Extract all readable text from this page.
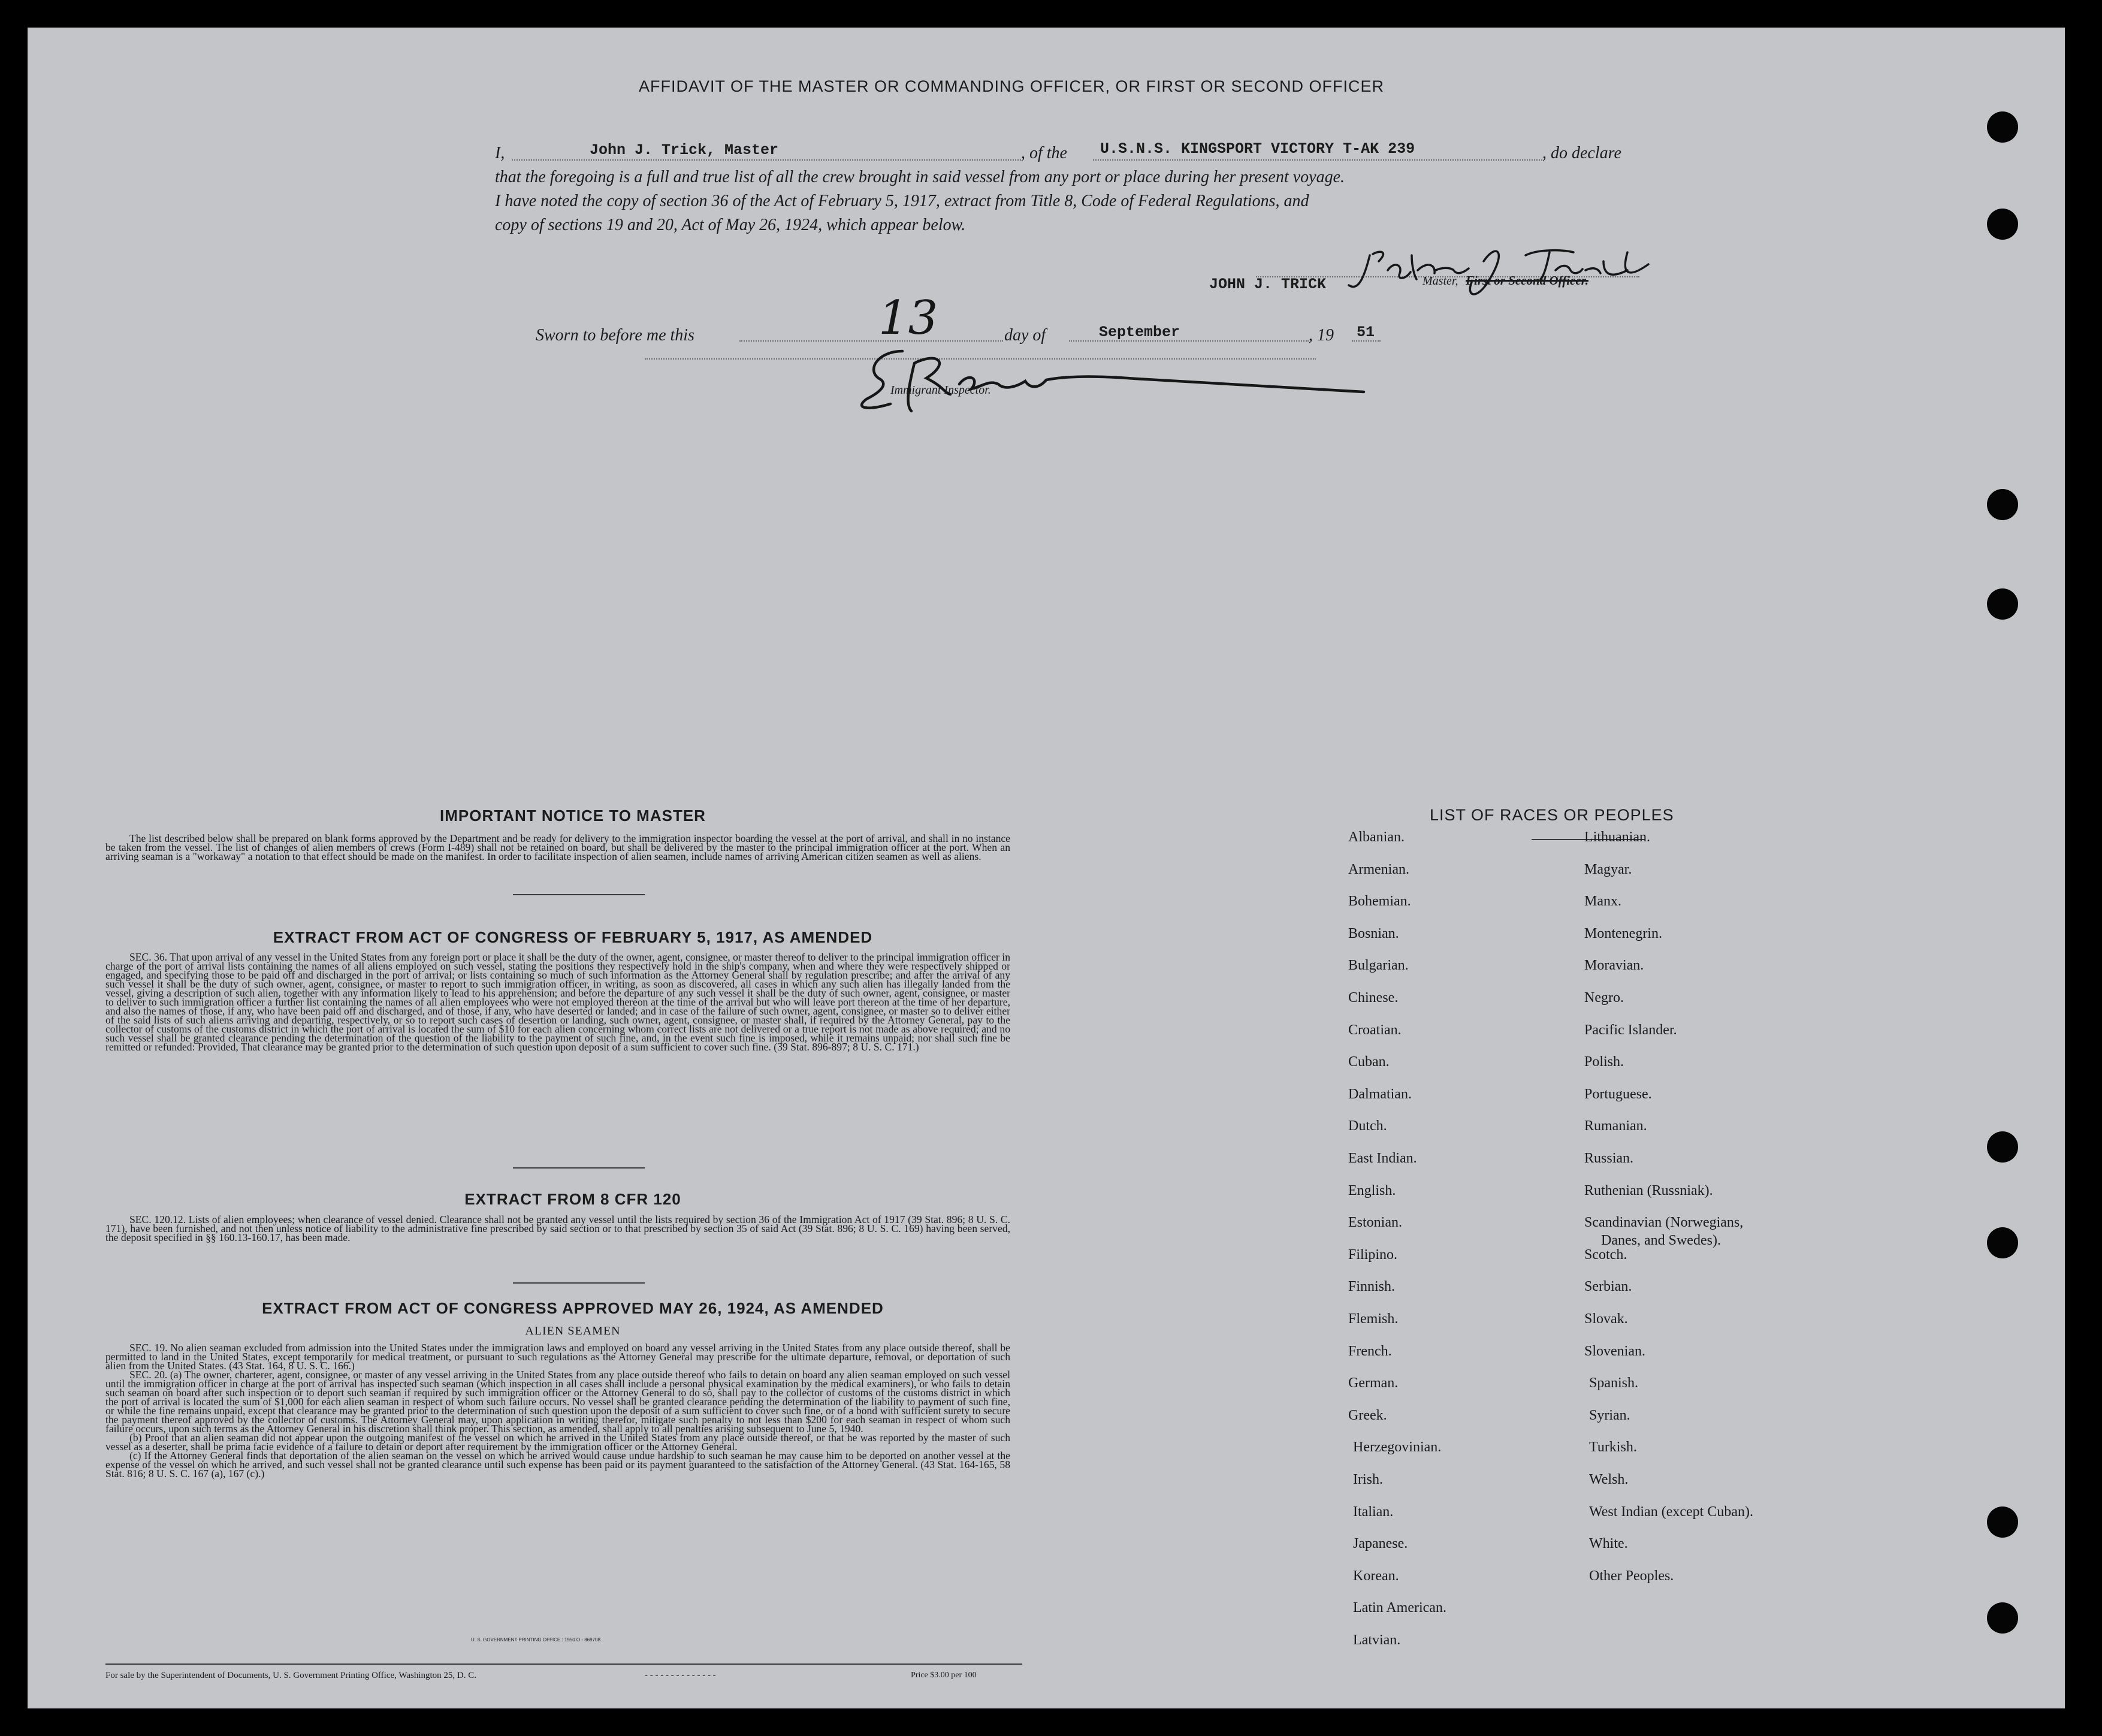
AFFIDAVIT OF THE MASTER OR COMMANDING OFFICER, OR FIRST OR SECOND OFFICER
I,	John J. Trick, Master	, of the U.S.N.S. KINGSPORT VICTORY T-AK 239	, do declare
that the foregoing is a full and true list of all the crew brought in said vessel from any port or place during her present voyage.
I have noted the copy of section 36 of the Act of February 5, 1917, extract from Title 8, Code of Federal Regulations, and
copy of sections 19 and 20, Act of May 26, 1924, which appear below.
JOHN J. TRICK	Master, First or Second Officer.
Sworn to before me this	13	day of	September	, 19 51
Immigrant Inspector.
IMPORTANT NOTICE TO MASTER

The list described below shall be prepared on blank forms approved by the Department and be ready for delivery to the immigration inspector boarding the vessel at the port of arrival, and shall in no instance be taken from the vessel. The list of changes of alien members of crews (Form I-489) shall not be retained on board, but shall be delivered by the master to the principal immigration officer at the port. When an arriving seaman is a "workaway" a notation to that effect should be made on the manifest. In order to facilitate inspection of alien seamen, include names of arriving American citizen seamen as well as aliens.

EXTRACT FROM ACT OF CONGRESS OF FEBRUARY 5, 1917, AS AMENDED

SEC. 36. That upon arrival of any vessel in the United States from any foreign port or place it shall be the duty of the owner, agent, consignee, or master thereof to deliver to the principal immigration officer in charge of the port of arrival lists containing the names of all aliens employed on such vessel, stating the positions they respectively hold in the ship's company, when and where they were respectively shipped or engaged, and specifying those to be paid off and discharged in the port of arrival; or lists containing so much of such information as the Attorney General shall by regulation prescribe; and after the arrival of any such vessel it shall be the duty of such owner, agent, consignee, or master to report to such immigration officer, in writing, as soon as discovered, all cases in which any such alien has illegally landed from the vessel, giving a description of such alien, together with any information likely to lead to his apprehension; and before the departure of any such vessel it shall be the duty of such owner, agent, consignee, or master to deliver to such immigration officer a further list containing the names of all alien employees who were not employed thereon at the time of the arrival but who will leave port thereon at the time of her departure, and also the names of those, if any, who have been paid off and discharged, and of those, if any, who have deserted or landed; and in case of the failure of such owner, agent, consignee, or master so to deliver either of the said lists of such aliens arriving and departing, respectively, or so to report such cases of desertion or landing, such owner, agent, consignee, or master shall, if required by the Attorney General, pay to the collector of customs of the customs district in which the port of arrival is located the sum of $10 for each alien concerning whom correct lists are not delivered or a true report is not made as above required; and no such vessel shall be granted clearance pending the determination of the question of the liability to the payment of such fine, and, in the event such fine is imposed, while it remains unpaid; nor shall such fine be remitted or refunded: Provided, That clearance may be granted prior to the determination of such question upon deposit of a sum sufficient to cover such fine. (39 Stat. 896-897; 8 U. S. C. 171.)

EXTRACT FROM 8 CFR 120

SEC. 120.12. Lists of alien employees; when clearance of vessel denied. Clearance shall not be granted any vessel until the lists required by section 36 of the Immigration Act of 1917 (39 Stat. 896; 8 U. S. C. 171), have been furnished, and not then unless notice of liability to the administrative fine prescribed by said section or to that prescribed by section 35 of said Act (39 Stat. 896; 8 U. S. C. 169) having been served, the deposit specified in §§ 160.13-160.17, has been made.

EXTRACT FROM ACT OF CONGRESS APPROVED MAY 26, 1924, AS AMENDED
ALIEN SEAMEN

SEC. 19. No alien seaman excluded from admission into the United States under the immigration laws and employed on board any vessel arriving in the United States from any place outside thereof, shall be permitted to land in the United States, except temporarily for medical treatment, or pursuant to such regulations as the Attorney General may prescribe for the ultimate departure, removal, or deportation of such alien from the United States. (43 Stat. 164, 8 U. S. C. 166.)

SEC. 20. (a) The owner, charterer, agent, consignee, or master of any vessel arriving in the United States from any place outside thereof who fails to detain on board any alien seaman employed on such vessel until the immigration officer in charge at the port of arrival has inspected such seaman (which inspection in all cases shall include a personal physical examination by the medical examiners), or who fails to detain such seaman on board after such inspection or to deport such seaman if required by such immigration officer or the Attorney General to do so, shall pay to the collector of customs of the customs district in which the port of arrival is located the sum of $1,000 for each alien seaman in respect of whom such failure occurs. No vessel shall be granted clearance pending the determination of the liability to payment of such fine, or while the fine remains unpaid, except that clearance may be granted prior to the determination of such question upon the deposit of a sum sufficient to cover such fine, or of a bond with sufficient surety to secure the payment thereof approved by the collector of customs. The Attorney General may, upon application in writing therefor, mitigate such penalty to not less than $200 for each seaman in respect of whom such failure occurs, upon such terms as the Attorney General in his discretion shall think proper. This section, as amended, shall apply to all penalties arising subsequent to June 5, 1940.

(b) Proof that an alien seaman did not appear upon the outgoing manifest of the vessel on which he arrived in the United States from any place outside thereof, or that he was reported by the master of such vessel as a deserter, shall be prima facie evidence of a failure to detain or deport after requirement by the immigration officer or the Attorney General.

(c) If the Attorney General finds that deportation of the alien seaman on the vessel on which he arrived would cause undue hardship to such seaman he may cause him to be deported on another vessel at the expense of the vessel on which he arrived, and such vessel shall not be granted clearance until such expense has been paid or its payment guaranteed to the satisfaction of the Attorney General. (43 Stat. 164-165, 58 Stat. 816; 8 U. S. C. 167 (a), 167 (c).)

U. S. GOVERNMENT PRINTING OFFICE : 1950 O - 869708
For sale by the Superintendent of Documents, U. S. Government Printing Office, Washington 25, D. C.	- - - - - - - - - - - - - -	Price $3.00 per 100
LIST OF RACES OR PEOPLES
Albanian.
Armenian.
Bohemian.
Bosnian.
Bulgarian.
Chinese.
Croatian.
Cuban.
Dalmatian.
Dutch.
East Indian.
English.
Estonian.
Filipino.
Finnish.
Flemish.
French.
German.
Greek.
Herzegovinian.
Irish.
Italian.
Japanese.
Korean.
Latin American.
Latvian.
Lithuanian.
Magyar.
Manx.
Montenegrin.
Moravian.
Negro.
Pacific Islander.
Polish.
Portuguese.
Rumanian.
Russian.
Ruthenian (Russniak).
Scandinavian (Norwegians,
Danes, and Swedes).
Scotch.
Serbian.
Slovak.
Slovenian.
Spanish.
Syrian.
Turkish.
Welsh.
West Indian (except Cuban).
White.
Other Peoples.
